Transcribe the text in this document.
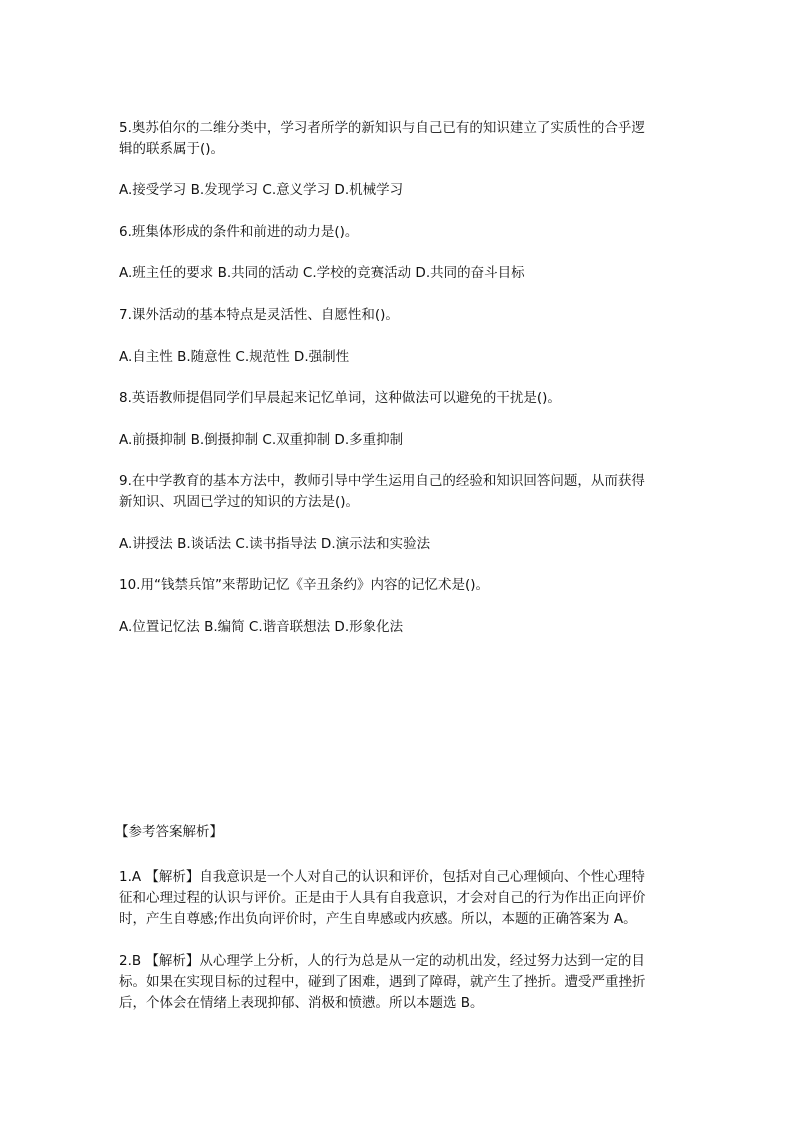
5.奥苏伯尔的二维分类中，学习者所学的新知识与自己已有的知识建立了实质性的合乎逻
辑的联系属于()。
A.接受学习 B.发现学习 C.意义学习 D.机械学习
6.班集体形成的条件和前进的动力是()。
A.班主任的要求 B.共同的活动 C.学校的竞赛活动 D.共同的奋斗目标
7.课外活动的基本特点是灵活性、自愿性和()。
A.自主性 B.随意性 C.规范性 D.强制性
8.英语教师提倡同学们早晨起来记忆单词，这种做法可以避免的干扰是()。
A.前摄抑制 B.倒摄抑制 C.双重抑制 D.多重抑制
9.在中学教育的基本方法中，教师引导中学生运用自己的经验和知识回答问题，从而获得
新知识、巩固已学过的知识的方法是()。
A.讲授法 B.谈话法 C.读书指导法 D.演示法和实验法
10.用“钱禁兵馆”来帮助记忆《辛丑条约》内容的记忆术是()。
A.位置记忆法 B.编简 C.谐音联想法 D.形象化法
【参考答案解析】
1.A 【解析】自我意识是一个人对自己的认识和评价，包括对自己心理倾向、个性心理特
征和心理过程的认识与评价。正是由于人具有自我意识，才会对自己的行为作出正向评价
时，产生自尊感;作出负向评价时，产生自卑感或内疚感。所以，本题的正确答案为 A。
2.B 【解析】从心理学上分析，人的行为总是从一定的动机出发，经过努力达到一定的目
标。如果在实现目标的过程中，碰到了困难，遇到了障碍，就产生了挫折。遭受严重挫折
后，个体会在情绪上表现抑郁、消极和愤懑。所以本题选 B。
